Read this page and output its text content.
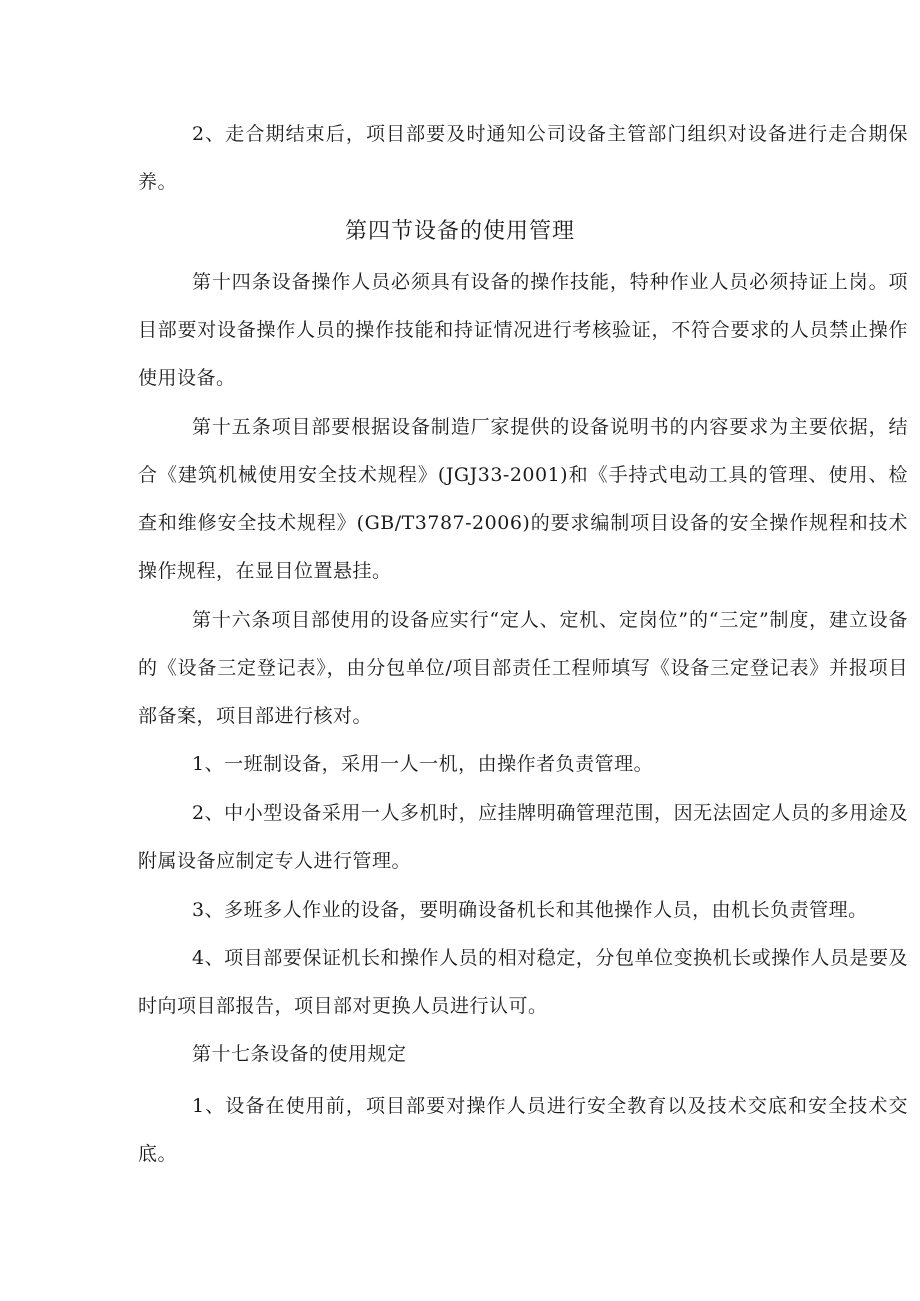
2、走合期结束后，项目部要及时通知公司设备主管部门组织对设备进行走合期保养。

第四节设备的使用管理

第十四条设备操作人员必须具有设备的操作技能，特种作业人员必须持证上岗。项目部要对设备操作人员的操作技能和持证情况进行考核验证，不符合要求的人员禁止操作使用设备。

第十五条项目部要根据设备制造厂家提供的设备说明书的内容要求为主要依据，结合《建筑机械使用安全技术规程》(JGJ33-2001)和《手持式电动工具的管理、使用、检查和维修安全技术规程》(GB/T3787-2006)的要求编制项目设备的安全操作规程和技术操作规程，在显目位置悬挂。

第十六条项目部使用的设备应实行“定人、定机、定岗位”的“三定”制度，建立设备的《设备三定登记表》，由分包单位/项目部责任工程师填写《设备三定登记表》并报项目部备案，项目部进行核对。

1、一班制设备，采用一人一机，由操作者负责管理。

2、中小型设备采用一人多机时，应挂牌明确管理范围，因无法固定人员的多用途及附属设备应制定专人进行管理。

3、多班多人作业的设备，要明确设备机长和其他操作人员，由机长负责管理。

4、项目部要保证机长和操作人员的相对稳定，分包单位变换机长或操作人员是要及时向项目部报告，项目部对更换人员进行认可。

第十七条设备的使用规定

1、设备在使用前，项目部要对操作人员进行安全教育以及技术交底和安全技术交底。
